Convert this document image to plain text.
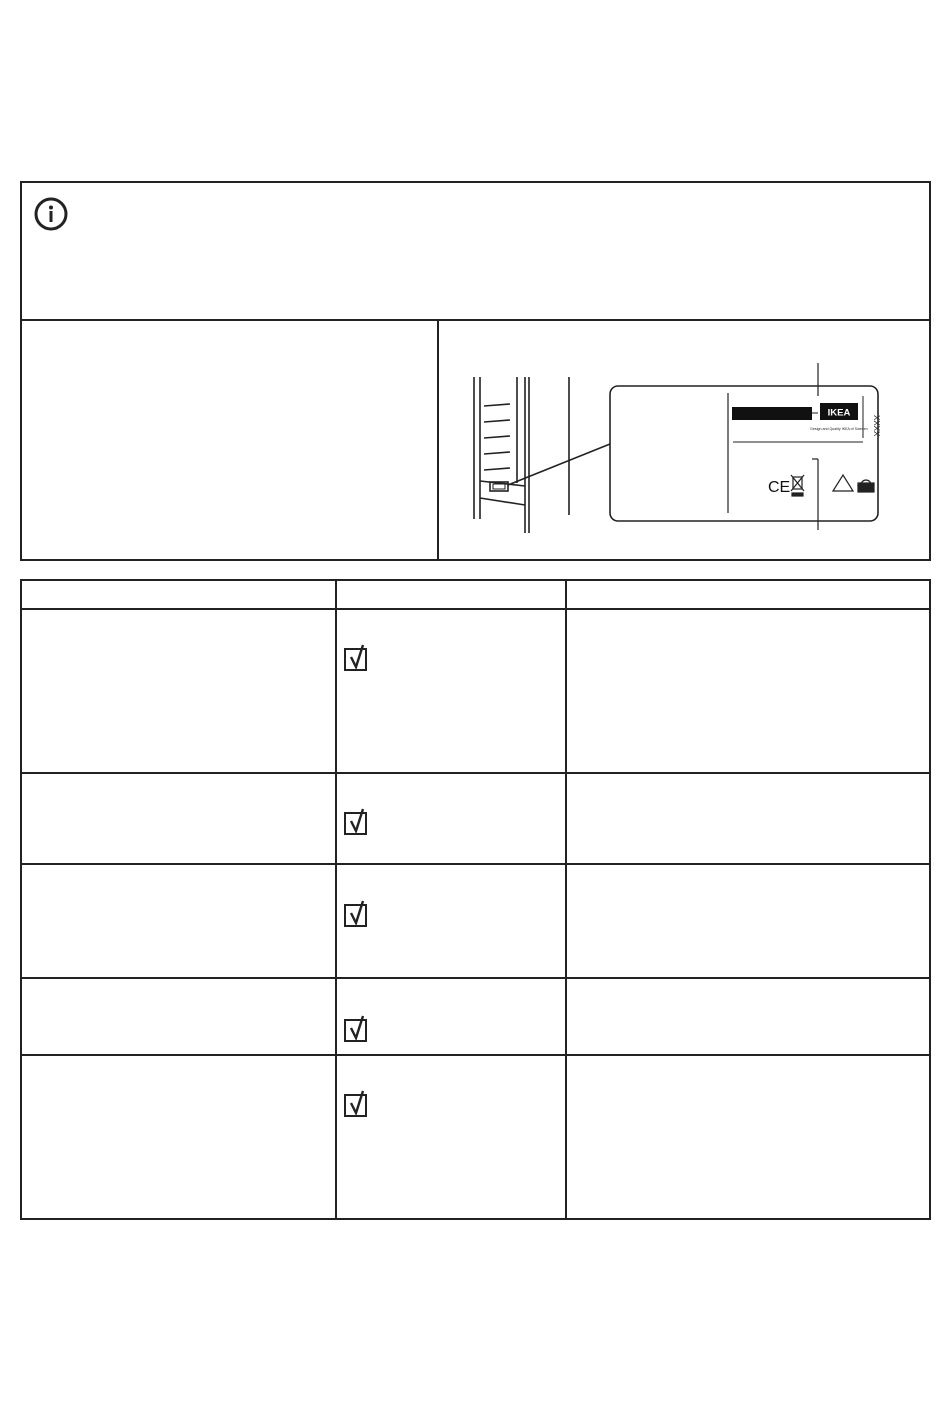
IKEA
Design and Quality IKEA of Sweden XXXX
CE
